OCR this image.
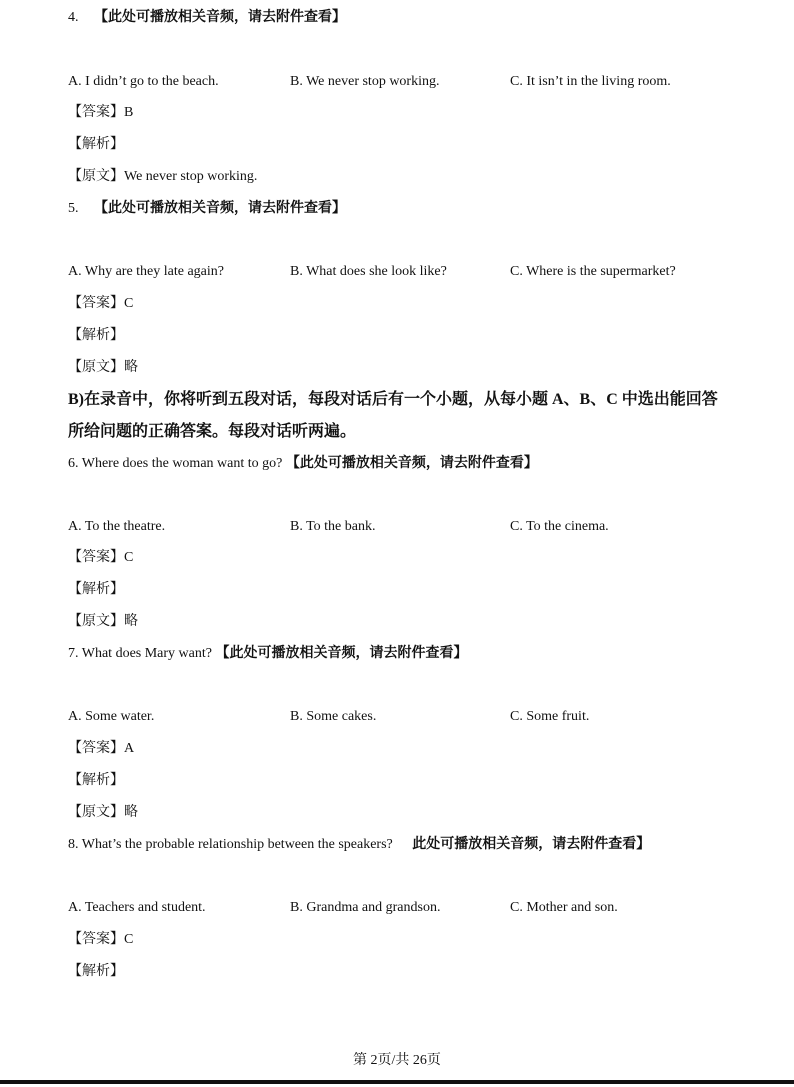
4. 【此处可播放相关音频，请去附件查看】
A. I didn’t go to the beach.	B. We never stop working.	C. It isn’t in the living room.
【答案】B
【解析】
【原文】We never stop working.
5. 【此处可播放相关音频，请去附件查看】
A. Why are they late again?	B. What does she look like?	C. Where is the supermarket?
【答案】C
【解析】
【原文】略
B)在录音中，你将听到五段对话，每段对话后有一个小题，从每小题 A、B、C 中选出能回答
所给问题的正确答案。每段对话听两遍。
6. Where does the woman want to go? 【此处可播放相关音频，请去附件查看】
A. To the theatre.	B. To the bank.	C. To the cinema.
【答案】C
【解析】
【原文】略
7. What does Mary want? 【此处可播放相关音频，请去附件查看】
A. Some water.	B. Some cakes.	C. Some fruit.
【答案】A
【解析】
【原文】略
8. What’s the probable relationship between the speakers? 此处可播放相关音频，请去附件查看】
A. Teachers and student.	B. Grandma and grandson.	C. Mother and son.
【答案】C
【解析】
第 2页/共 26页
